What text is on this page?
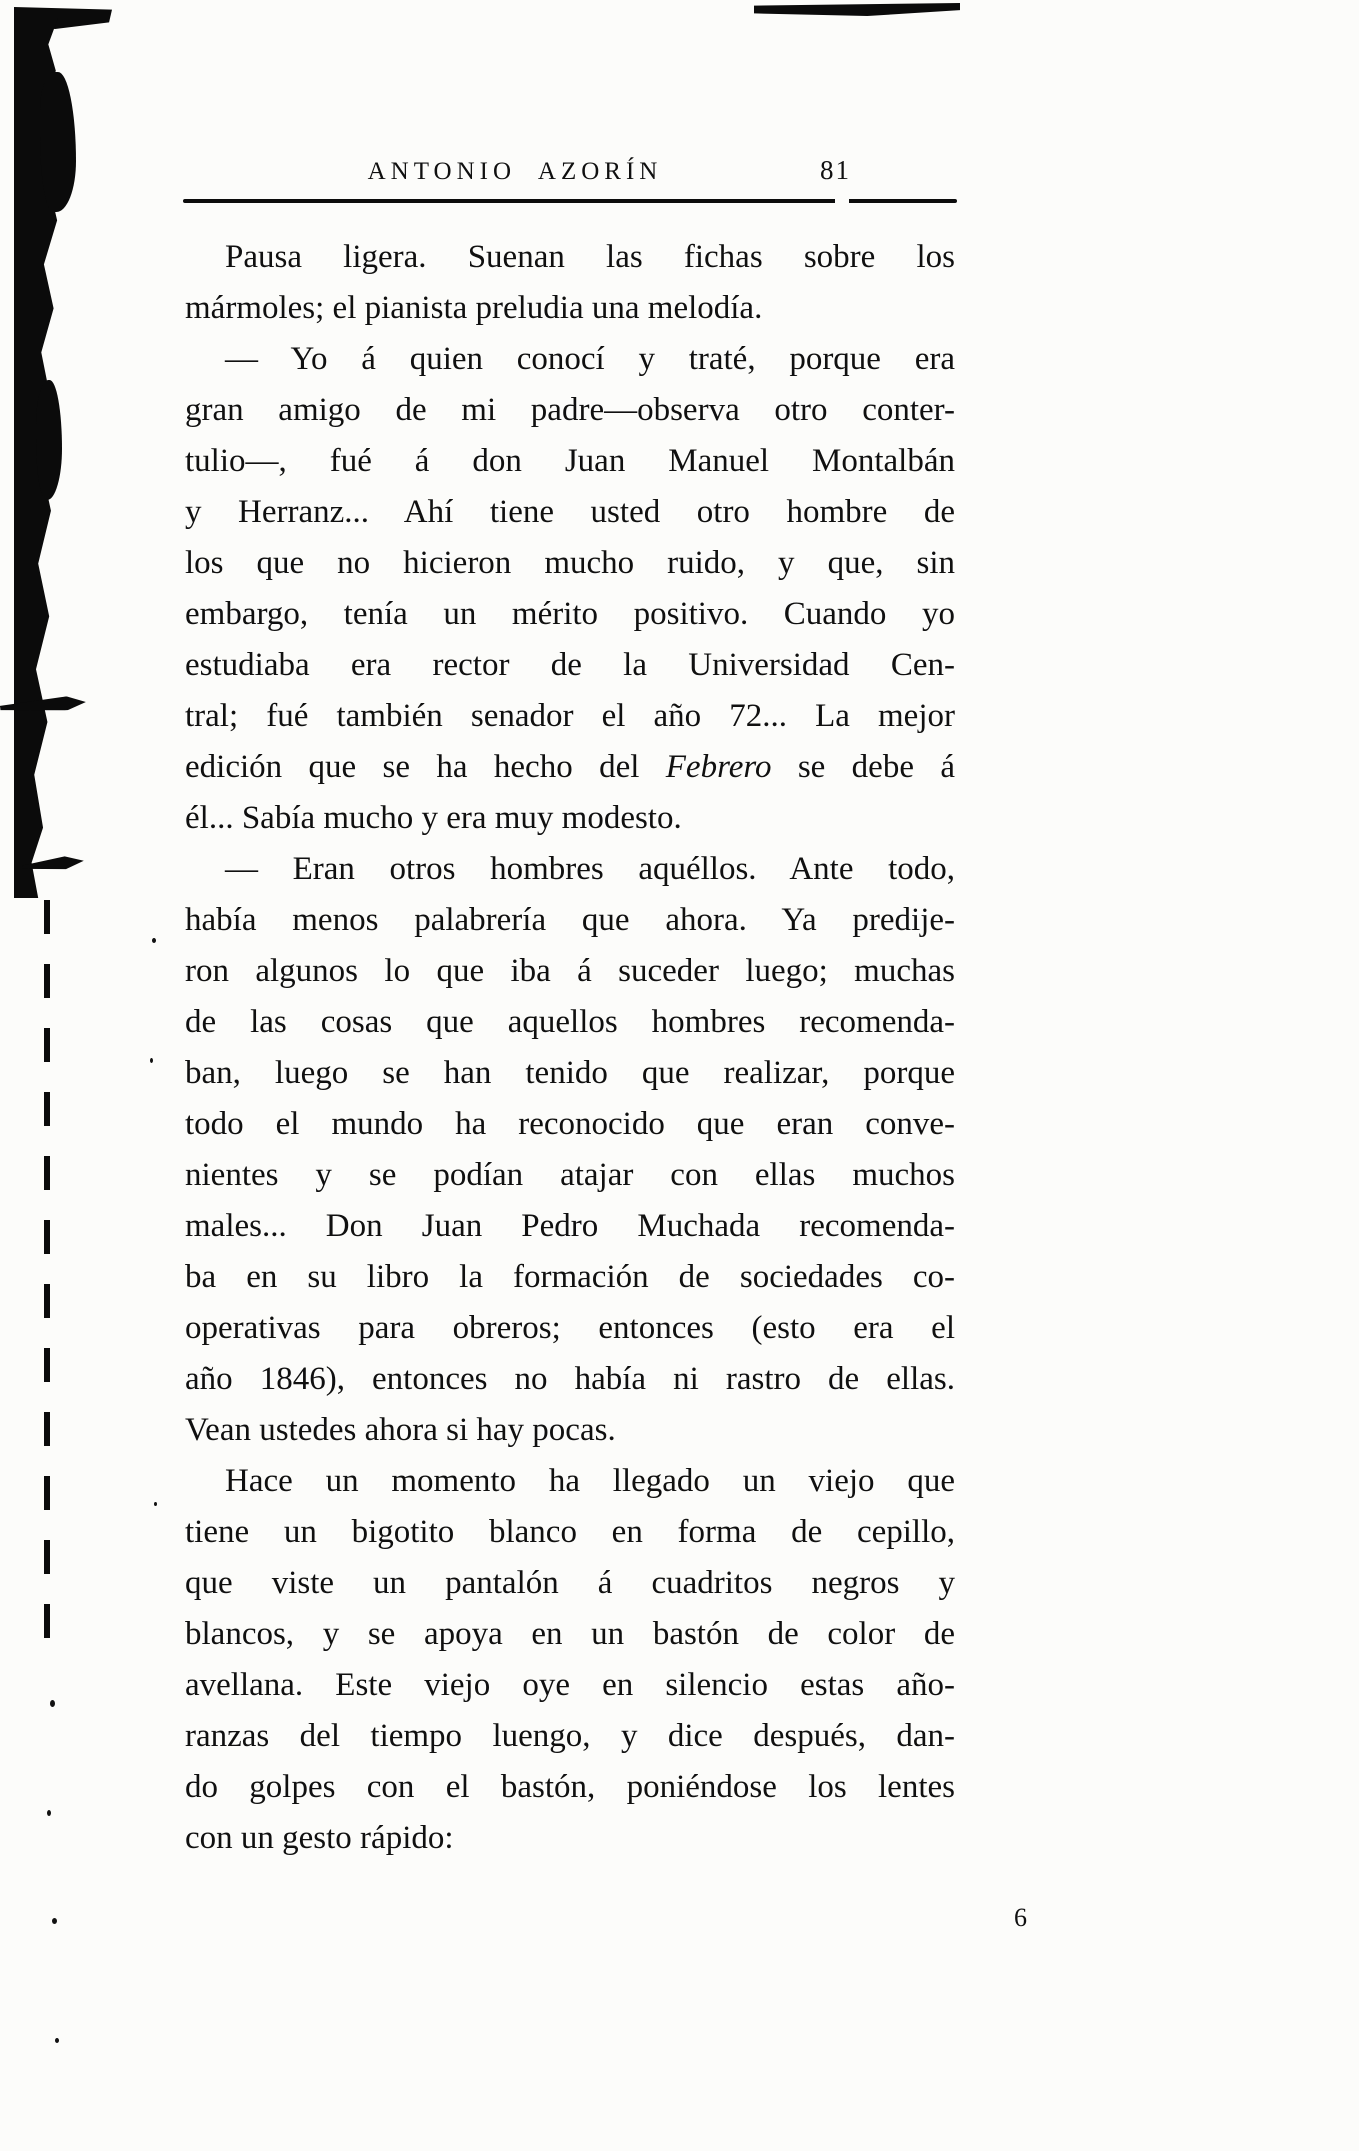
ANTONIO AZORÍN	81
Pausa ligera. Suenan las fichas sobre los
mármoles; el pianista preludia una melodía.
— Yo á quien conocí y traté, porque era
gran amigo de mi padre—observa otro conter-
tulio—, fué á don Juan Manuel Montalbán
y Herranz... Ahí tiene usted otro hombre de
los que no hicieron mucho ruido, y que, sin
embargo, tenía un mérito positivo. Cuando yo
estudiaba era rector de la Universidad Cen-
tral; fué también senador el año 72... La mejor
edición que se ha hecho del Febrero se debe á
él... Sabía mucho y era muy modesto.
— Eran otros hombres aquéllos. Ante todo,
había menos palabrería que ahora. Ya predije-
ron algunos lo que iba á suceder luego; muchas
de las cosas que aquellos hombres recomenda-
ban, luego se han tenido que realizar, porque
todo el mundo ha reconocido que eran conve-
nientes y se podían atajar con ellas muchos
males... Don Juan Pedro Muchada recomenda-
ba en su libro la formación de sociedades co-
operativas para obreros; entonces (esto era el
año 1846), entonces no había ni rastro de ellas.
Vean ustedes ahora si hay pocas.
Hace un momento ha llegado un viejo que
tiene un bigotito blanco en forma de cepillo,
que viste un pantalón á cuadritos negros y
blancos, y se apoya en un bastón de color de
avellana. Este viejo oye en silencio estas año-
ranzas del tiempo luengo, y dice después, dan-
do golpes con el bastón, poniéndose los lentes
con un gesto rápido:
6
